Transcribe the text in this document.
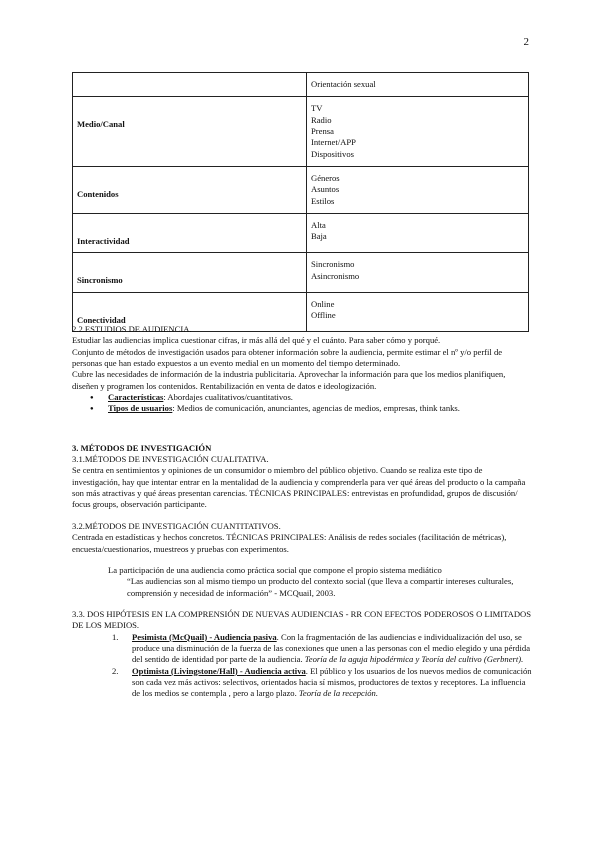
2

	Orientación sexual

Medio/Canal	TV
Radio
Prensa
Internet/APP
Dispositivos

Contenidos	Géneros
Asuntos
Estilos

Interactividad	Alta
Baja

Sincronismo	Sincronismo
Asincronismo

Conectividad	Online
Offline

2.2.ESTUDIOS DE AUDIENCIA.

Estudiar las audiencias implica cuestionar cifras, ir más allá del qué y el cuánto. Para saber cómo y porqué.

Conjunto de métodos de investigación usados para obtener información sobre la audiencia, permite estimar el nº y/o perfil de personas que han estado expuestos a un evento medial en un momento del tiempo determinado.

Cubre las necesidades de información de la industria publicitaria. Aprovechar la información para que los medios planifiquen, diseñen y programen los contenidos. Rentabilización en venta de datos e ideologización.

● Características: Abordajes cualitativos/cuantitativos.
● Tipos de usuarios: Medios de comunicación, anunciantes, agencias de medios, empresas, think tanks.

3. MÉTODOS DE INVESTIGACIÓN

3.1.MÉTODOS DE INVESTIGACIÓN CUALITATIVA.

Se centra en sentimientos y opiniones de un consumidor o miembro del público objetivo. Cuando se realiza este tipo de investigación, hay que intentar entrar en la mentalidad de la audiencia y comprenderla para ver qué áreas del producto o la campaña son más atractivas y qué áreas presentan carencias. TÉCNICAS PRINCIPALES: entrevistas en profundidad, grupos de discusión/ focus groups, observación participante.

3.2.MÉTODOS DE INVESTIGACIÓN CUANTITATIVOS.

Centrada en estadísticas y hechos concretos. TÉCNICAS PRINCIPALES: Análisis de redes sociales (facilitación de métricas), encuesta/cuestionarios, muestreos y pruebas con experimentos.

La participación de una audiencia como práctica social que compone el propio sistema mediático

“Las audiencias son al mismo tiempo un producto del contexto social (que lleva a compartir intereses culturales, comprensión y necesidad de información” - MCQuail, 2003.

3.3. DOS HIPÓTESIS EN LA COMPRENSIÓN DE NUEVAS AUDIENCIAS - RR CON EFECTOS PODEROSOS O LIMITADOS DE LOS MEDIOS.

1. Pesimista (McQuail) - Audiencia pasiva. Con la fragmentación de las audiencias e individualización del uso, se produce una disminución de la fuerza de las conexiones que unen a las personas con el medio elegido y una pérdida del sentido de identidad por parte de la audiencia. Teoría de la aguja hipodérmica y Teoría del cultivo (Gerbnert).
2. Optimista (Livingstone/Hall) - Audiencia activa. El público y los usuarios de los nuevos medios de comunicación son cada vez más activos: selectivos, orientados hacia sí mismos, productores de textos y receptores. La influencia de los medios se contempla , pero a largo plazo. Teoría de la recepción.
